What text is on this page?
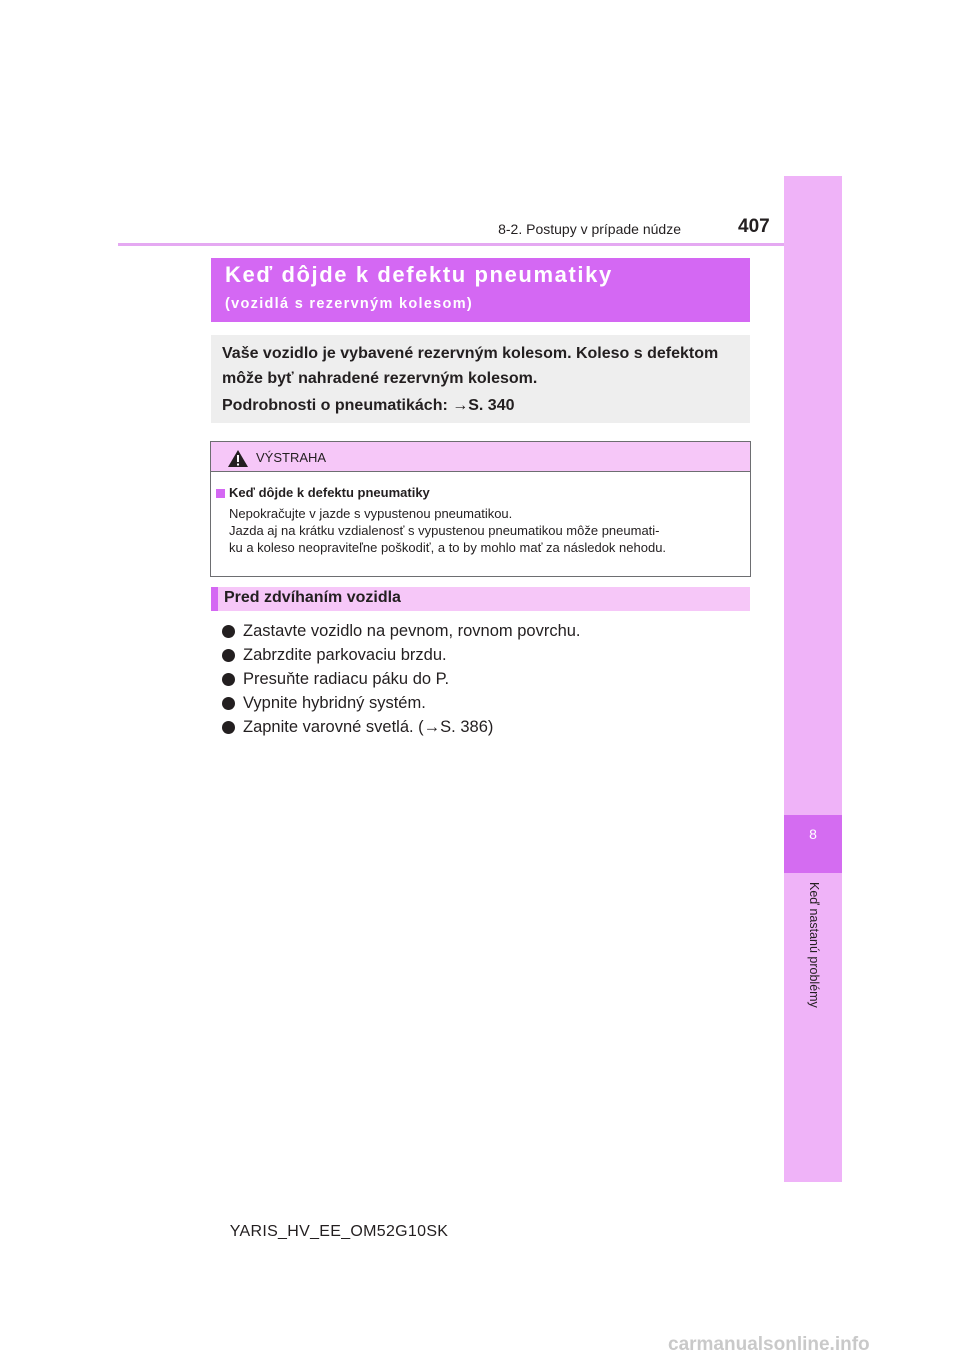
8-2. Postupy v prípade núdze	407
8
Keď nastanú problémy
Keď dôjde k defektu pneumatiky
(vozidlá s rezervným kolesom)

Vaše vozidlo je vybavené rezervným kolesom. Koleso s defektom

môže byť nahradené rezervným kolesom.

Podrobnosti o pneumatikách: →S. 340

VÝSTRAHA
Keď dôjde k defektu pneumatiky
Nepokračujte v jazde s vypustenou pneumatikou.
Jazda aj na krátku vzdialenosť s vypustenou pneumatikou môže pneumati-
ku a koleso neopraviteľne poškodiť, a to by mohlo mať za následok nehodu.
Pred zdvíhaním vozidla
Zastavte vozidlo na pevnom, rovnom povrchu.
Zabrzdite parkovaciu brzdu.
Presuňte radiacu páku do P.
Vypnite hybridný systém.
Zapnite varovné svetlá. (→S. 386)
YARIS_HV_EE_OM52G10SK
carmanualsonline.info
